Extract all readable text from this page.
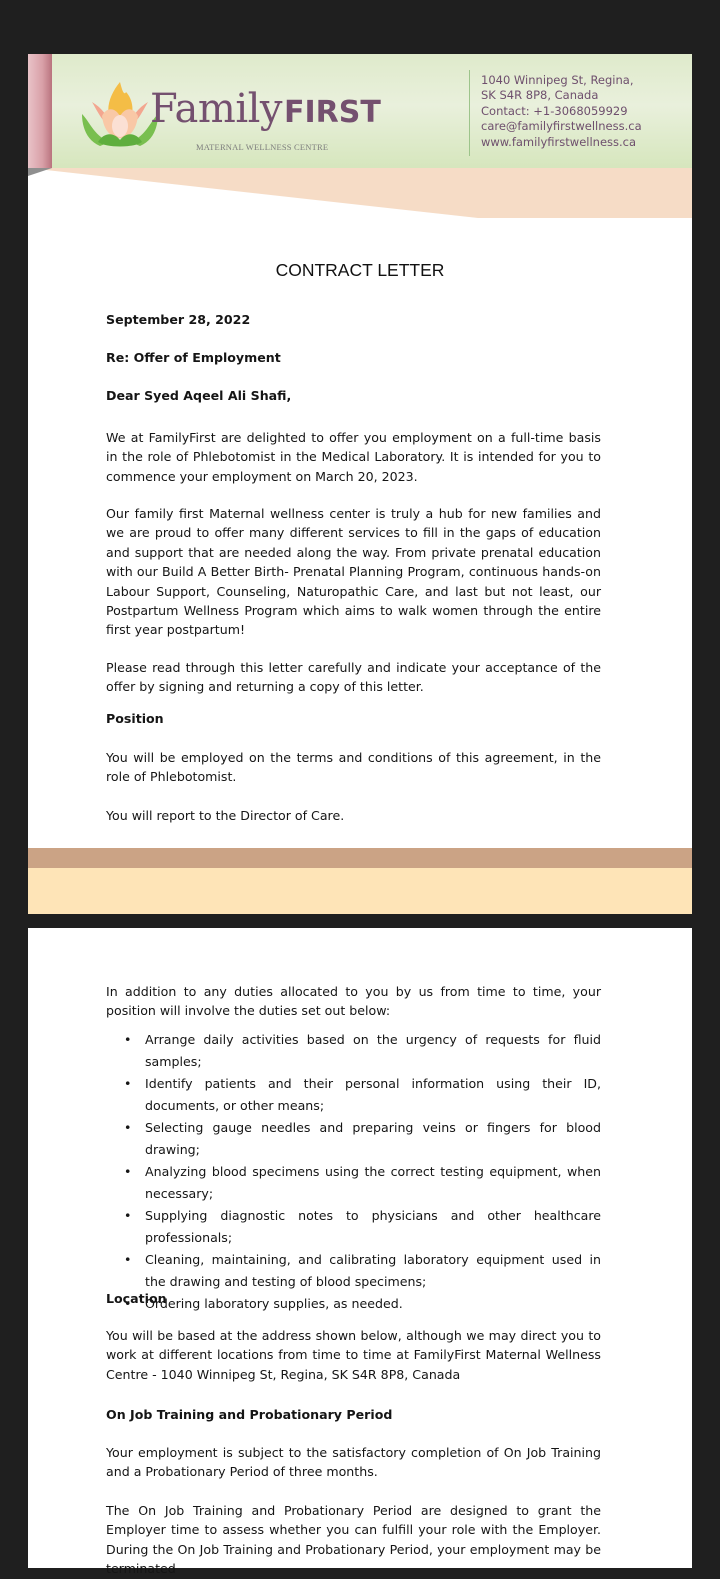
FamilyFIRST
MATERNAL WELLNESS CENTRE
1040 Winnipeg St, Regina,
SK S4R 8P8, Canada
Contact: +1-3068059929
care@familyfirstwellness.ca
www.familyfirstwellness.ca
CONTRACT LETTER
September 28, 2022
Re: Offer of Employment
Dear Syed Aqeel Ali Shafi,

We at FamilyFirst are delighted to offer you employment on a full-time basis in the role of Phlebotomist in the Medical Laboratory. It is intended for you to commence your employment on March 20, 2023.

Our family first Maternal wellness center is truly a hub for new families and we are proud to offer many different services to fill in the gaps of education and support that are needed along the way. From private prenatal education with our Build A Better Birth- Prenatal Planning Program, continuous hands-on Labour Support, Counseling, Naturopathic Care, and last but not least, our Postpartum Wellness Program which aims to walk women through the entire first year postpartum!

Please read through this letter carefully and indicate your acceptance of the offer by signing and returning a copy of this letter.

Position

You will be employed on the terms and conditions of this agreement, in the role of Phlebotomist.

You will report to the Director of Care.

In addition to any duties allocated to you by us from time to time, your position will involve the duties set out below:

• Arrange daily activities based on the urgency of requests for fluid samples;
• Identify patients and their personal information using their ID, documents, or other means;
• Selecting gauge needles and preparing veins or fingers for blood drawing;
• Analyzing blood specimens using the correct testing equipment, when necessary;
• Supplying diagnostic notes to physicians and other healthcare professionals;
• Cleaning, maintaining, and calibrating laboratory equipment used in the drawing and testing of blood specimens;
• Ordering laboratory supplies, as needed.
Location

You will be based at the address shown below, although we may direct you to work at different locations from time to time at FamilyFirst Maternal Wellness Centre - 1040 Winnipeg St, Regina, SK S4R 8P8, Canada

On Job Training and Probationary Period

Your employment is subject to the satisfactory completion of On Job Training and a Probationary Period of three months.

The On Job Training and Probationary Period are designed to grant the Employer time to assess whether you can fulfill your role with the Employer. During the On Job Training and Probationary Period, your employment may be terminated
